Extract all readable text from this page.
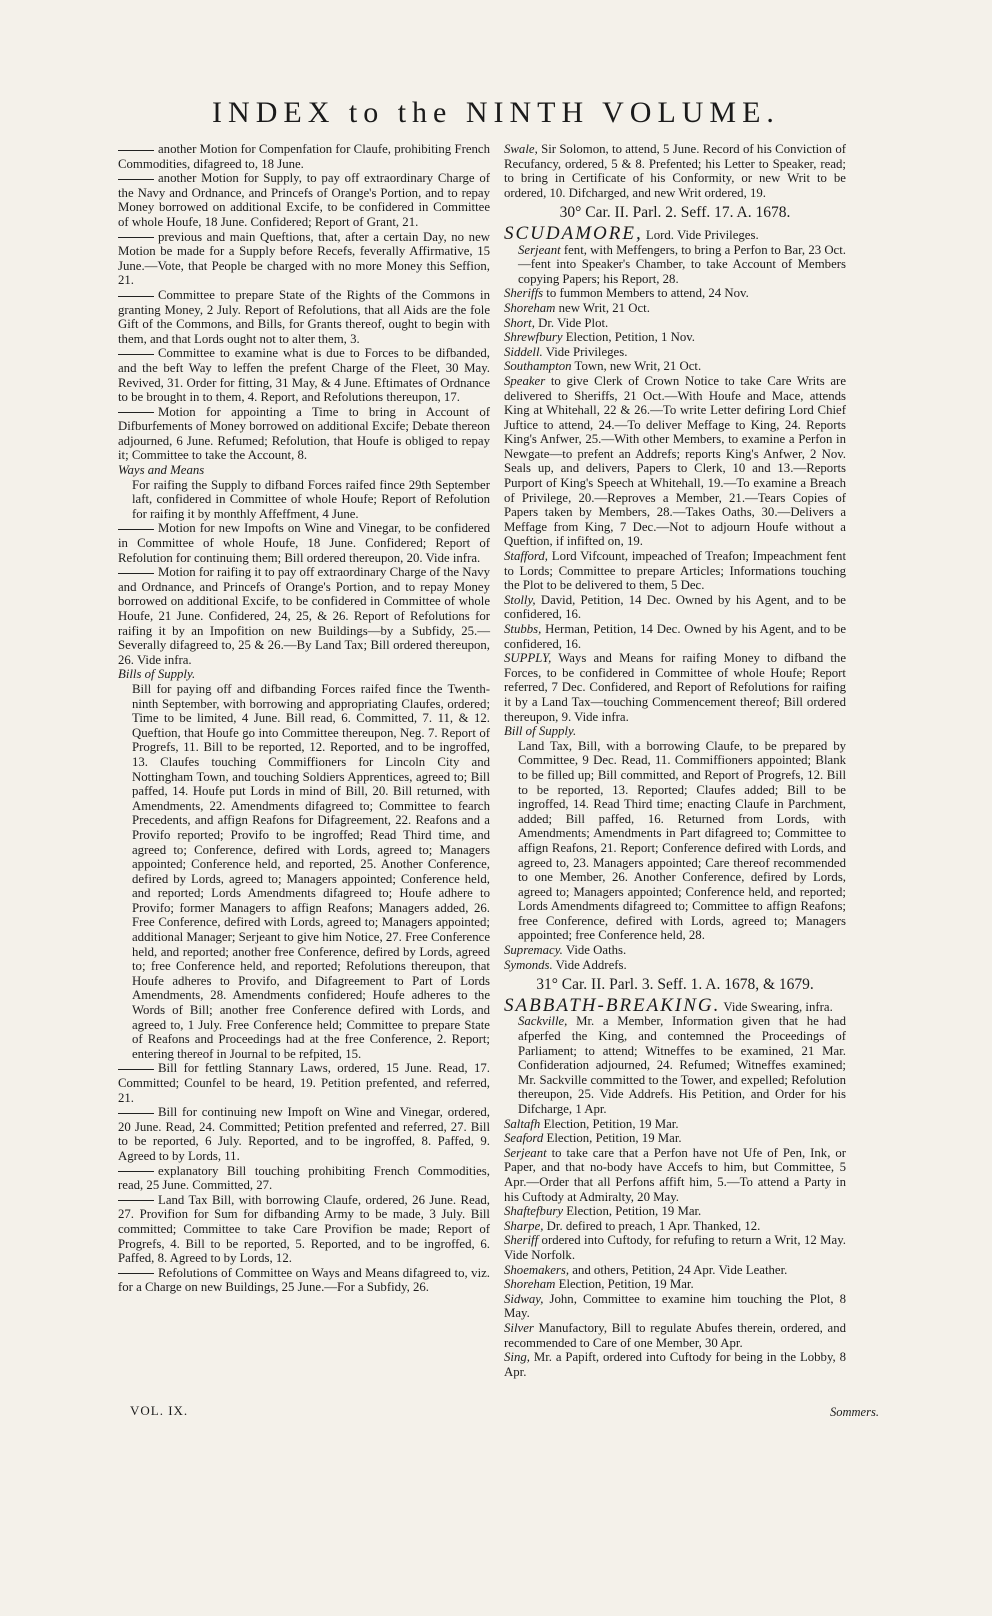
INDEX to the NINTH VOLUME.
another Motion for Compenfation for Claufe, prohibiting French Commodities, difagreed to, 18 June.
another Motion for Supply, to pay off extraordinary Charge of the Navy and Ordnance, and Princefs of Orange's Portion, and to repay Money borrowed on additional Excife, to be confidered in Committee of whole Houfe, 18 June. Confidered; Report of Grant, 21.
previous and main Queftions, that, after a certain Day, no new Motion be made for a Supply before Recefs, feverally Affirmative, 15 June.—Vote, that People be charged with no more Money this Seffion, 21.
Committee to prepare State of the Rights of the Commons in granting Money, 2 July. Report of Refolutions, that all Aids are the fole Gift of the Commons, and Bills, for Grants thereof, ought to begin with them, and that Lords ought not to alter them, 3.
Committee to examine what is due to Forces to be difbanded, and the beft Way to leffen the prefent Charge of the Fleet, 30 May. Revived, 31. Order for fitting, 31 May, & 4 June. Eftimates of Ordnance to be brought in to them, 4. Report, and Refolutions thereupon, 17.
Motion for appointing a Time to bring in Account of Difburfements of Money borrowed on additional Excife; Debate thereon adjourned, 6 June. Refumed; Refolution, that Houfe is obliged to repay it; Committee to take the Account, 8.
Ways and Means
For raifing the Supply to difband Forces raifed fince 29th September laft, confidered in Committee of whole Houfe; Report of Refolution for raifing it by monthly Affeffment, 4 June.
Motion for new Impofts on Wine and Vinegar, to be confidered in Committee of whole Houfe, 18 June. Confidered; Report of Refolution for continuing them; Bill ordered thereupon, 20. Vide infra.
Motion for raifing it to pay off extraordinary Charge of the Navy and Ordnance, and Princefs of Orange's Portion, and to repay Money borrowed on additional Excife, to be confidered in Committee of whole Houfe, 21 June. Confidered, 24, 25, & 26. Report of Refolutions for raifing it by an Impofition on new Buildings—by a Subfidy, 25.—Severally difagreed to, 25 & 26.—By Land Tax; Bill ordered thereupon, 26. Vide infra.
Bills of Supply.
Bill for paying off and difbanding Forces raifed fince the Twenth-ninth September, with borrowing and appropriating Claufes, ordered; Time to be limited, 4 June. Bill read, 6. Committed, 7. 11, & 12. Queftion, that Houfe go into Committee thereupon, Neg. 7. Report of Progrefs, 11. Bill to be reported, 12. Reported, and to be ingroffed, 13. Claufes touching Commiffioners for Lincoln City and Nottingham Town, and touching Soldiers Apprentices, agreed to; Bill paffed, 14. Houfe put Lords in mind of Bill, 20. Bill returned, with Amendments, 22. Amendments difagreed to; Committee to fearch Precedents, and affign Reafons for Difagreement, 22. Reafons and a Provifo reported; Provifo to be ingroffed; Read Third time, and agreed to; Conference, defired with Lords, agreed to; Managers appointed; Conference held, and reported, 25. Another Conference, defired by Lords, agreed to; Managers appointed; Conference held, and reported; Lords Amendments difagreed to; Houfe adhere to Provifo; former Managers to affign Reafons; Managers added, 26. Free Conference, defired with Lords, agreed to; Managers appointed; additional Manager; Serjeant to give him Notice, 27. Free Conference held, and reported; another free Conference, defired by Lords, agreed to; free Conference held, and reported; Refolutions thereupon, that Houfe adheres to Provifo, and Difagreement to Part of Lords Amendments, 28. Amendments confidered; Houfe adheres to the Words of Bill; another free Conference defired with Lords, and agreed to, 1 July. Free Conference held; Committee to prepare State of Reafons and Proceedings had at the free Conference, 2. Report; entering thereof in Journal to be refpited, 15.
Bill for fettling Stannary Laws, ordered, 15 June. Read, 17. Committed; Counfel to be heard, 19. Petition prefented, and referred, 21.
Bill for continuing new Impoft on Wine and Vinegar, ordered, 20 June. Read, 24. Committed; Petition prefented and referred, 27. Bill to be reported, 6 July. Reported, and to be ingroffed, 8. Paffed, 9. Agreed to by Lords, 11.
explanatory Bill touching prohibiting French Commodities, read, 25 June. Committed, 27.
Land Tax Bill, with borrowing Claufe, ordered, 26 June. Read, 27. Provifion for Sum for difbanding Army to be made, 3 July. Bill committed; Committee to take Care Provifion be made; Report of Progrefs, 4. Bill to be reported, 5. Reported, and to be ingroffed, 6. Paffed, 8. Agreed to by Lords, 12.
Refolutions of Committee on Ways and Means difagreed to, viz. for a Charge on new Buildings, 25 June.—For a Subfidy, 26.
Swale, Sir Solomon, to attend, 5 June. Record of his Conviction of Recufancy, ordered, 5 & 8. Prefented; his Letter to Speaker, read; to bring in Certificate of his Conformity, or new Writ to be ordered, 10. Difcharged, and new Writ ordered, 19.
30° Car. II. Parl. 2. Seff. 17. A. 1678.
SCUDAMORE, Lord. Vide Privileges.
Serjeant fent, with Meffengers, to bring a Perfon to Bar, 23 Oct.—fent into Speaker's Chamber, to take Account of Members copying Papers; his Report, 28.
Sheriffs to fummon Members to attend, 24 Nov.
Shoreham new Writ, 21 Oct.
Short, Dr. Vide Plot.
Shrewfbury Election, Petition, 1 Nov.
Siddell. Vide Privileges.
Southampton Town, new Writ, 21 Oct.
Speaker to give Clerk of Crown Notice to take Care Writs are delivered to Sheriffs, 21 Oct.—With Houfe and Mace, attends King at Whitehall, 22 & 26.—To write Letter defiring Lord Chief Juftice to attend, 24.—To deliver Meffage to King, 24. Reports King's Anfwer, 25.—With other Members, to examine a Perfon in Newgate—to prefent an Addrefs; reports King's Anfwer, 2 Nov. Seals up, and delivers, Papers to Clerk, 10 and 13.—Reports Purport of King's Speech at Whitehall, 19.—To examine a Breach of Privilege, 20.—Reproves a Member, 21.—Tears Copies of Papers taken by Members, 28.—Takes Oaths, 30.—Delivers a Meffage from King, 7 Dec.—Not to adjourn Houfe without a Queftion, if infifted on, 19.
Stafford, Lord Vifcount, impeached of Treafon; Impeachment fent to Lords; Committee to prepare Articles; Informations touching the Plot to be delivered to them, 5 Dec.
Stolly, David, Petition, 14 Dec. Owned by his Agent, and to be confidered, 16.
Stubbs, Herman, Petition, 14 Dec. Owned by his Agent, and to be confidered, 16.
SUPPLY, Ways and Means for raifing Money to difband the Forces, to be confidered in Committee of whole Houfe; Report referred, 7 Dec. Confidered, and Report of Refolutions for raifing it by a Land Tax—touching Commencement thereof; Bill ordered thereupon, 9. Vide infra.
Bill of Supply.
Land Tax, Bill, with a borrowing Claufe, to be prepared by Committee, 9 Dec. Read, 11. Commiffioners appointed; Blank to be filled up; Bill committed, and Report of Progrefs, 12. Bill to be reported, 13. Reported; Claufes added; Bill to be ingroffed, 14. Read Third time; enacting Claufe in Parchment, added; Bill paffed, 16. Returned from Lords, with Amendments; Amendments in Part difagreed to; Committee to affign Reafons, 21. Report; Conference defired with Lords, and agreed to, 23. Managers appointed; Care thereof recommended to one Member, 26. Another Conference, defired by Lords, agreed to; Managers appointed; Conference held, and reported; Lords Amendments difagreed to; Committee to affign Reafons; free Conference, defired with Lords, agreed to; Managers appointed; free Conference held, 28.
Supremacy. Vide Oaths.
Symonds. Vide Addrefs.
31° Car. II. Parl. 3. Seff. 1. A. 1678, & 1679.
SABBATH-BREAKING. Vide Swearing, infra.
Sackville, Mr. a Member, Information given that he had afperfed the King, and contemned the Proceedings of Parliament; to attend; Witneffes to be examined, 21 Mar. Confideration adjourned, 24. Refumed; Witneffes examined; Mr. Sackville committed to the Tower, and expelled; Refolution thereupon, 25. Vide Addrefs. His Petition, and Order for his Difcharge, 1 Apr.
Saltafh Election, Petition, 19 Mar.
Seaford Election, Petition, 19 Mar.
Serjeant to take care that a Perfon have not Ufe of Pen, Ink, or Paper, and that no-body have Accefs to him, but Committee, 5 Apr.—Order that all Perfons affift him, 5.—To attend a Party in his Cuftody at Admiralty, 20 May.
Shaftefbury Election, Petition, 19 Mar.
Sharpe, Dr. defired to preach, 1 Apr. Thanked, 12.
Sheriff ordered into Cuftody, for refufing to return a Writ, 12 May. Vide Norfolk.
Shoemakers, and others, Petition, 24 Apr. Vide Leather.
Shoreham Election, Petition, 19 Mar.
Sidway, John, Committee to examine him touching the Plot, 8 May.
Silver Manufactory, Bill to regulate Abufes therein, ordered, and recommended to Care of one Member, 30 Apr.
Sing, Mr. a Papift, ordered into Cuftody for being in the Lobby, 8 Apr.
VOL. IX.	Sommers.
